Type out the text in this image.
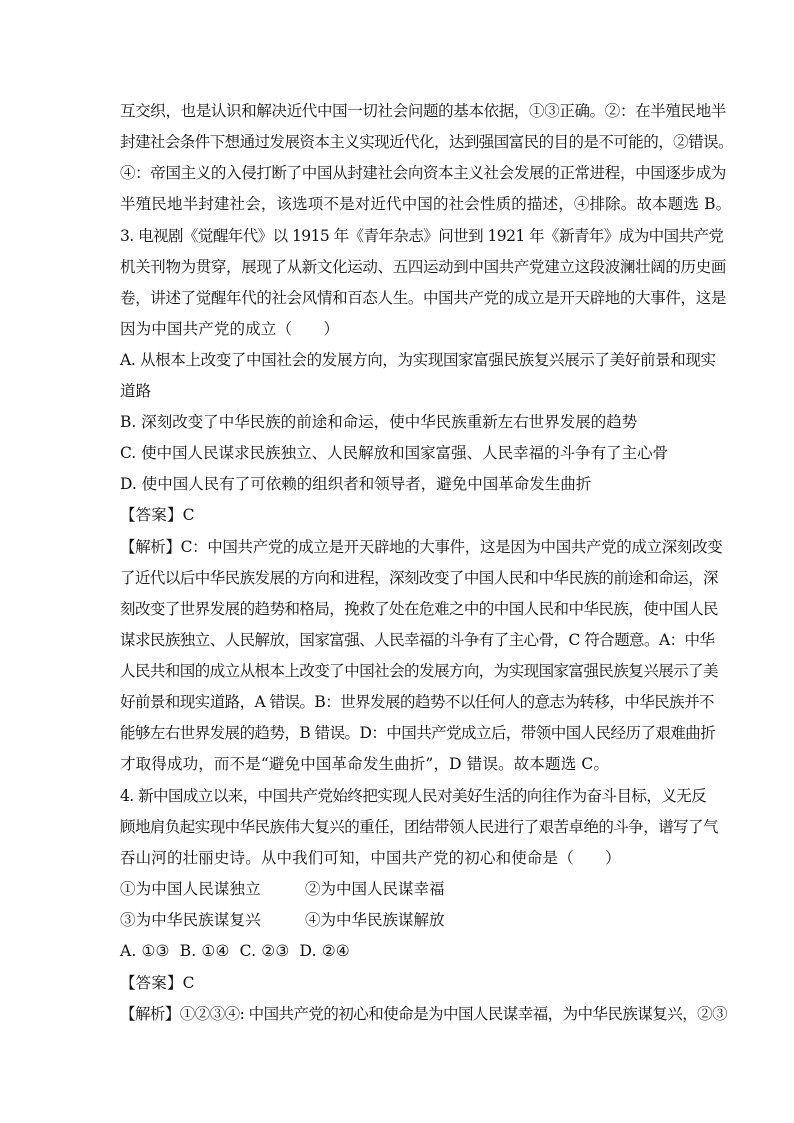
互交织，也是认识和解决近代中国一切社会问题的基本依据，①③正确。②：在半殖民地半
封建社会条件下想通过发展资本主义实现近代化，达到强国富民的目的是不可能的，②错误。
④：帝国主义的入侵打断了中国从封建社会向资本主义社会发展的正常进程，中国逐步成为
半殖民地半封建社会，该选项不是对近代中国的社会性质的描述，④排除。故本题选 B。
3. 电视剧《觉醒年代》以 1915 年《青年杂志》问世到 1921 年《新青年》成为中国共产党
机关刊物为贯穿，展现了从新文化运动、五四运动到中国共产党建立这段波澜壮阔的历史画
卷，讲述了觉醒年代的社会风情和百态人生。中国共产党的成立是开天辟地的大事件，这是
因为中国共产党的成立（　　）
A. 从根本上改变了中国社会的发展方向，为实现国家富强民族复兴展示了美好前景和现实
道路
B. 深刻改变了中华民族的前途和命运，使中华民族重新左右世界发展的趋势
C. 使中国人民谋求民族独立、人民解放和国家富强、人民幸福的斗争有了主心骨
D. 使中国人民有了可依赖的组织者和领导者，避免中国革命发生曲折
【答案】C
【解析】C：中国共产党的成立是开天辟地的大事件，这是因为中国共产党的成立深刻改变
了近代以后中华民族发展的方向和进程，深刻改变了中国人民和中华民族的前途和命运，深
刻改变了世界发展的趋势和格局，挽救了处在危难之中的中国人民和中华民族，使中国人民
谋求民族独立、人民解放，国家富强、人民幸福的斗争有了主心骨，C 符合题意。A：中华
人民共和国的成立从根本上改变了中国社会的发展方向，为实现国家富强民族复兴展示了美
好前景和现实道路，A 错误。B：世界发展的趋势不以任何人的意志为转移，中华民族并不
能够左右世界发展的趋势，B 错误。D：中国共产党成立后，带领中国人民经历了艰难曲折
才取得成功，而不是“避免中国革命发生曲折”，D 错误。故本题选 C。
4. 新中国成立以来，中国共产党始终把实现人民对美好生活的向往作为奋斗目标，义无反
顾地肩负起实现中华民族伟大复兴的重任，团结带领人民进行了艰苦卓绝的斗争，谱写了气
吞山河的壮丽史诗。从中我们可知，中国共产党的初心和使命是（　　）
①为中国人民谋独立	②为中国人民谋幸福
③为中华民族谋复兴	④为中华民族谋解放
A. ①③  B. ①④  C. ②③  D. ②④
【答案】C
【解析】①②③④: 中国共产党的初心和使命是为中国人民谋幸福，为中华民族谋复兴，②③
